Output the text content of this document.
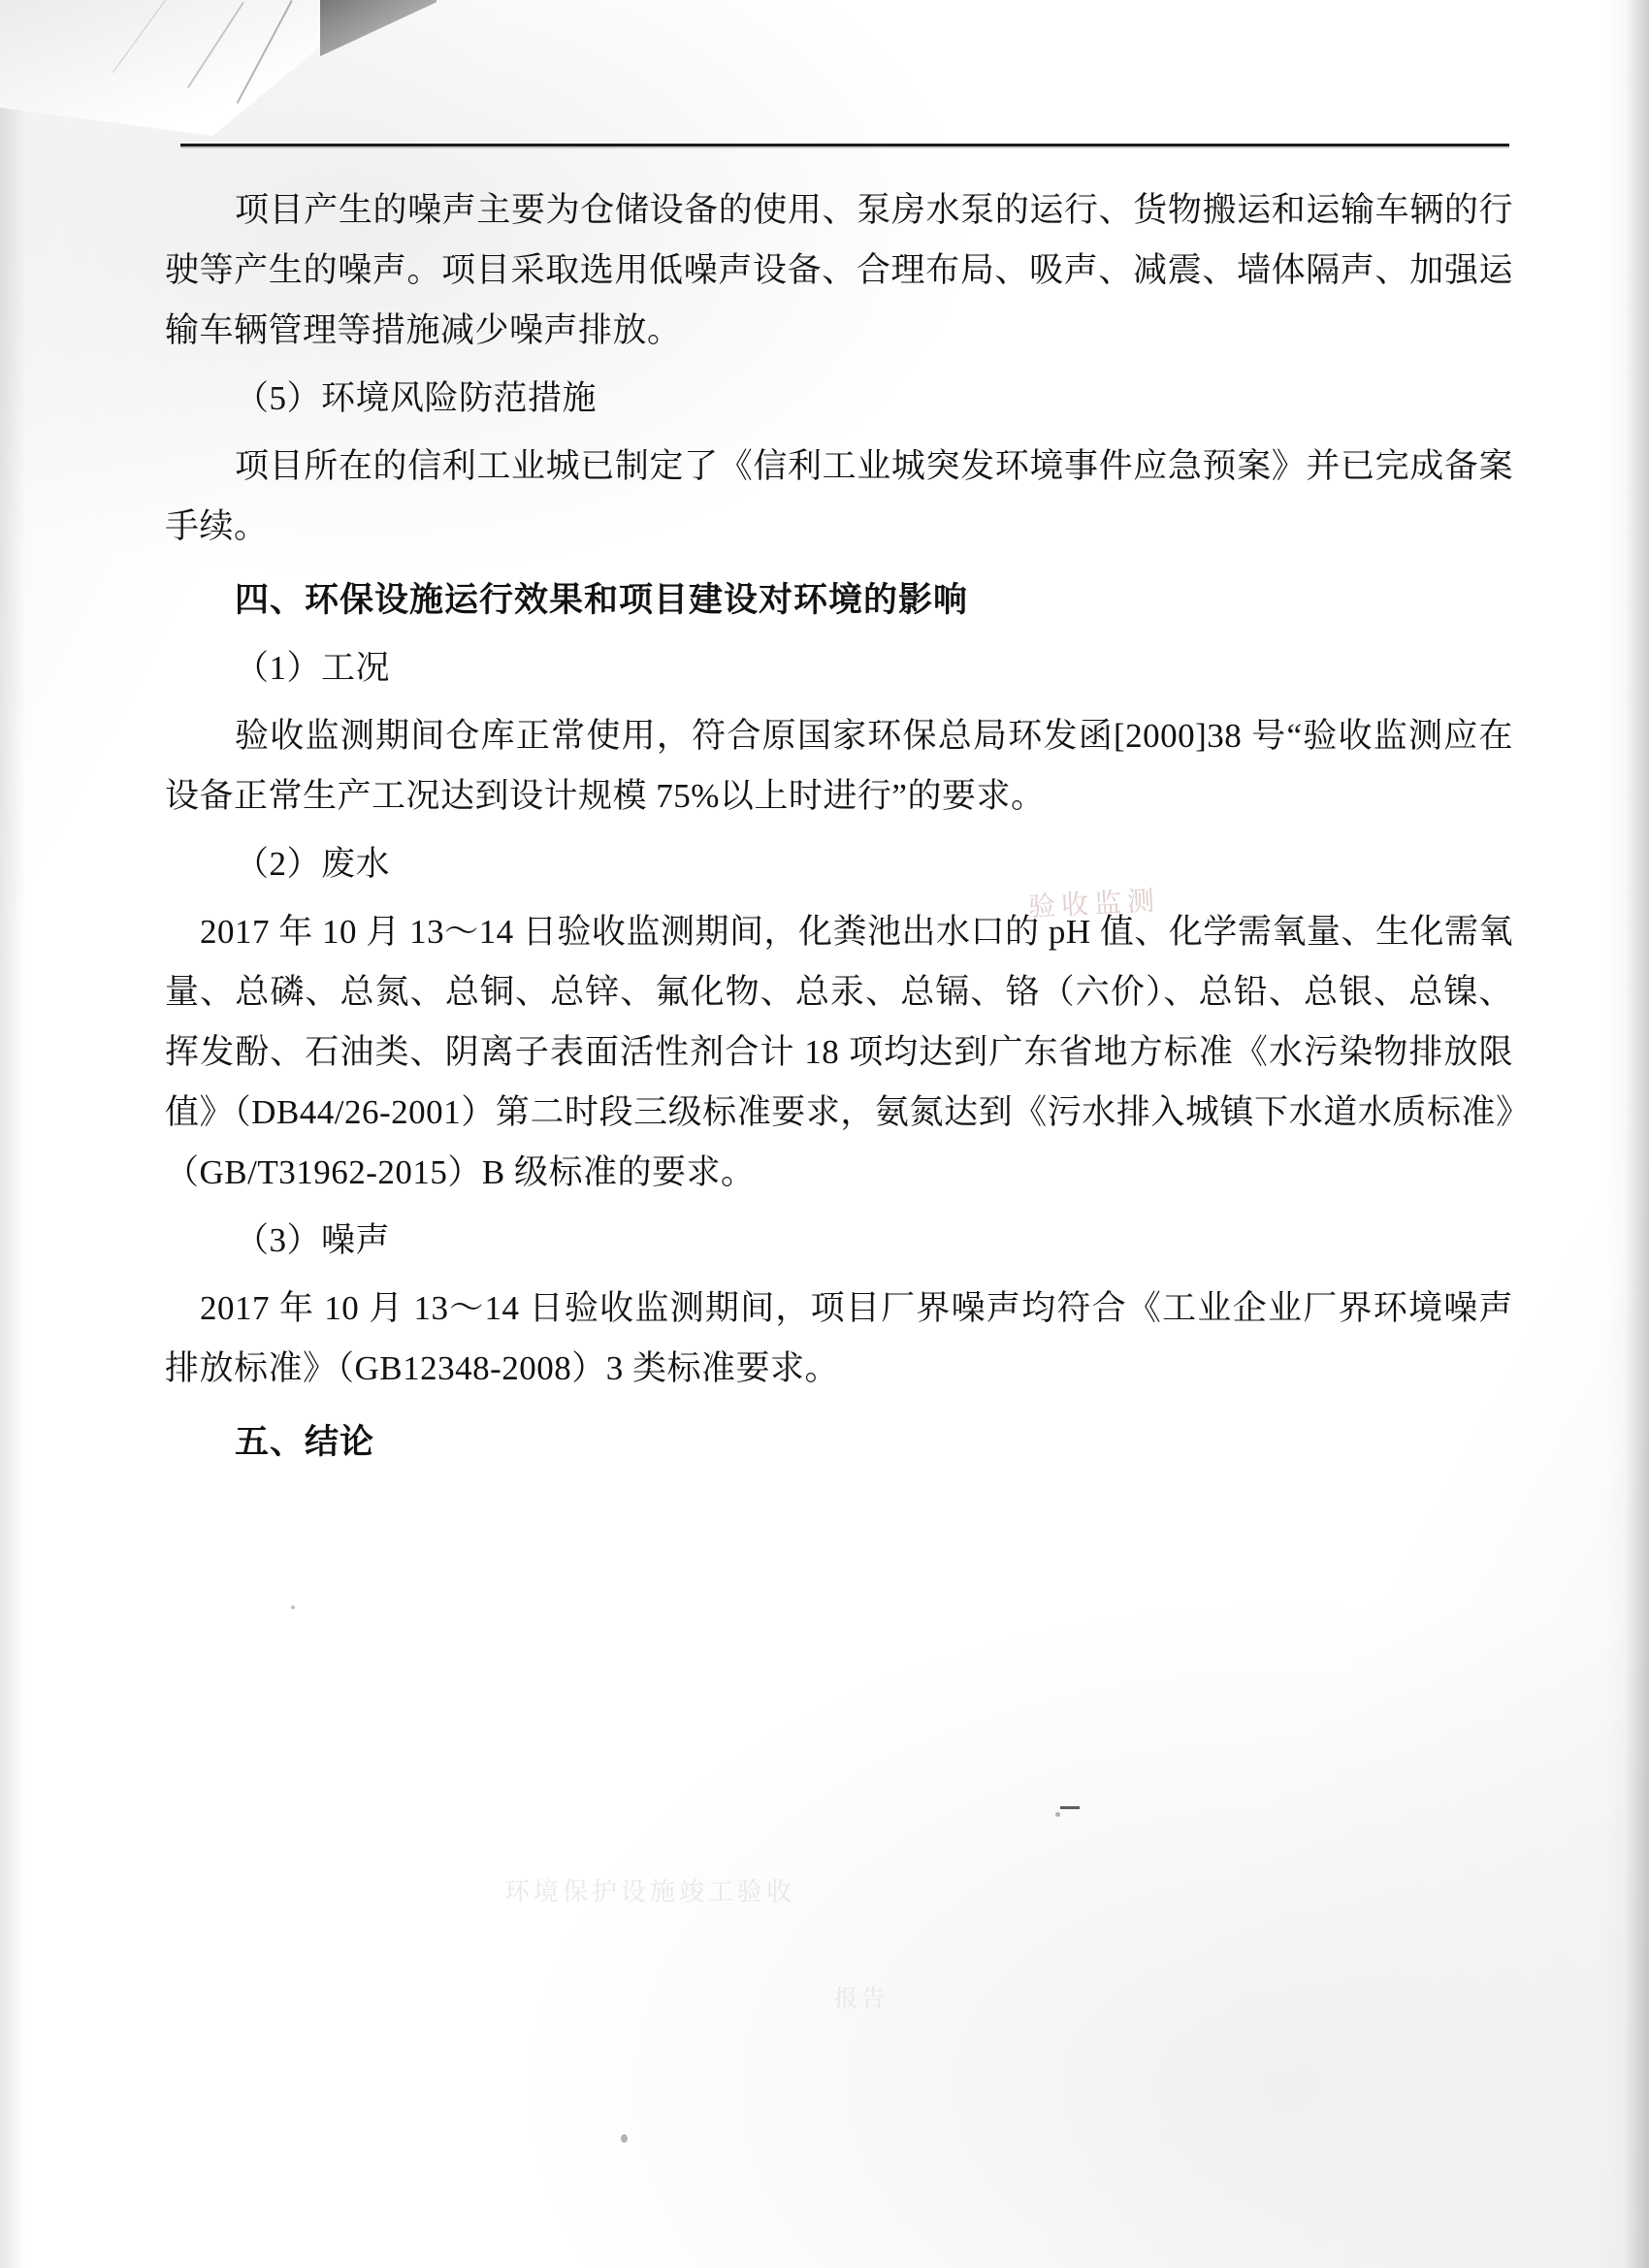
验收监测
环境保护设施竣工验收
报告

项目产生的噪声主要为仓储设备的使用、泵房水泵的运行、货物搬运和运输车辆的行驶等产生的噪声。项目采取选用低噪声设备、合理布局、吸声、减震、墙体隔声、加强运输车辆管理等措施减少噪声排放。

（5）环境风险防范措施

项目所在的信利工业城已制定了《信利工业城突发环境事件应急预案》并已完成备案手续。

四、环保设施运行效果和项目建设对环境的影响

（1）工况

验收监测期间仓库正常使用，符合原国家环保总局环发函[2000]38 号“验收监测应在设备正常生产工况达到设计规模 75%以上时进行”的要求。

（2）废水

2017 年 10 月 13～14 日验收监测期间，化粪池出水口的 pH 值、化学需氧量、生化需氧量、总磷、总氮、总铜、总锌、氟化物、总汞、总镉、铬（六价）、总铅、总银、总镍、挥发酚、石油类、阴离子表面活性剂合计 18 项均达到广东省地方标准《水污染物排放限值》（DB44/26-2001）第二时段三级标准要求，氨氮达到《污水排入城镇下水道水质标准》（GB/T31962-2015）B 级标准的要求。

（3）噪声

2017 年 10 月 13～14 日验收监测期间，项目厂界噪声均符合《工业企业厂界环境噪声排放标准》（GB12348-2008）3 类标准要求。

五、结论
